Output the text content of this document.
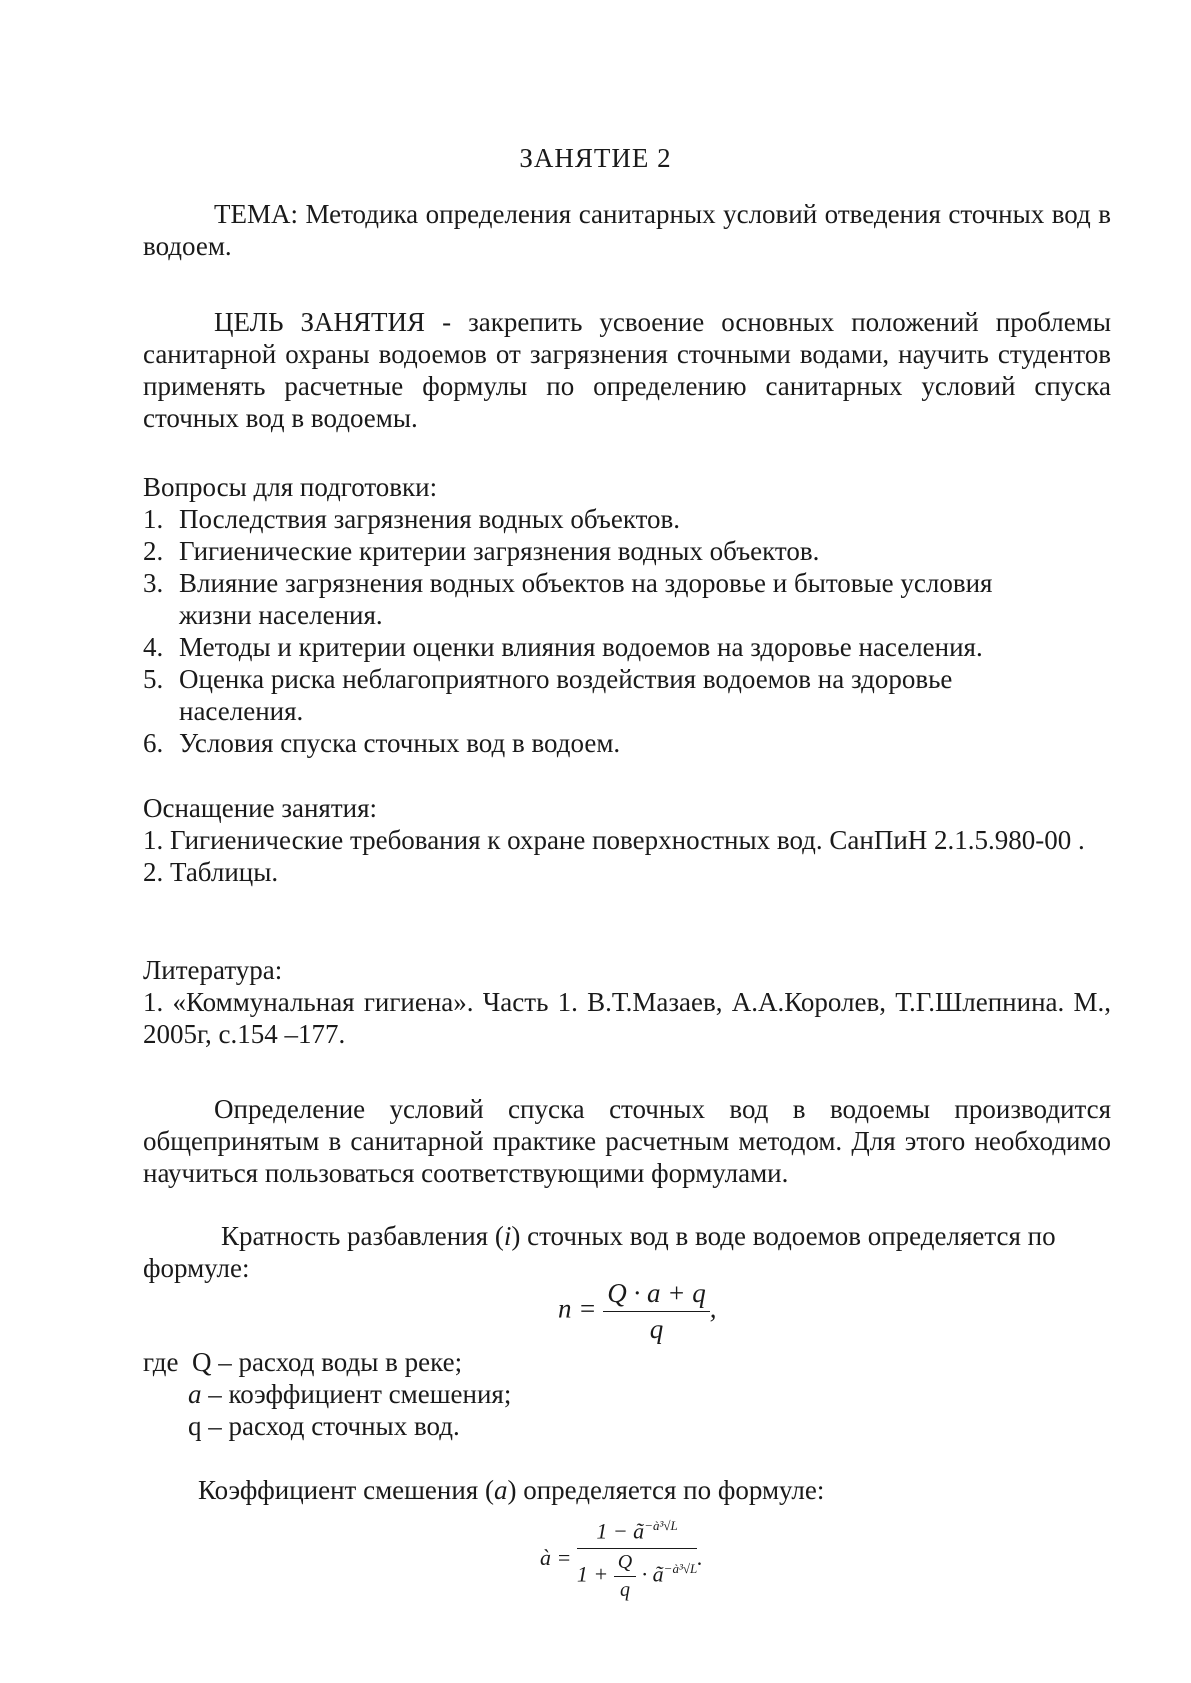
ЗАНЯТИЕ 2
ТЕМА: Методика определения санитарных условий отведения сточных вод в водоем.
ЦЕЛЬ ЗАНЯТИЯ - закрепить усвоение основных положений проблемы санитарной охраны водоемов от загрязнения сточными водами, научить студентов применять расчетные формулы по определению санитарных условий спуска сточных вод в водоемы.
Вопросы для подготовки:
1. Последствия загрязнения водных объектов.
2. Гигиенические критерии загрязнения водных объектов.
3. Влияние загрязнения водных объектов на здоровье и бытовые условия жизни населения.
4. Методы и критерии оценки влияния водоемов на здоровье населения.
5. Оценка риска неблагоприятного воздействия водоемов на здоровье населения.
6. Условия спуска сточных вод в водоем.
Оснащение занятия:
1. Гигиенические требования к охране поверхностных вод. СанПиН 2.1.5.980-00 .
2. Таблицы.
Литература:
1. «Коммунальная гигиена». Часть 1. В.Т.Мазаев, А.А.Королев, Т.Г.Шлепнина. М., 2005г, с.154 –177.
Определение условий спуска сточных вод в водоемы производится общепринятым в санитарной практике расчетным методом. Для этого необходимо научиться пользоваться соответствующими формулами.
Кратность разбавления (i) сточных вод в воде водоемов определяется по формуле:
$n = \frac{Q \cdot a + q}{q}$ ,
где Q – расход воды в реке;
a – коэффициент смешения;
q – расход сточных вод.
Коэффициент смешения (a) определяется по формуле:
à = $\frac{1 - ã^{-à^3√L}}{1 + \frac{Q}{q} \cdot ã^{-à^3√L}}$ .
